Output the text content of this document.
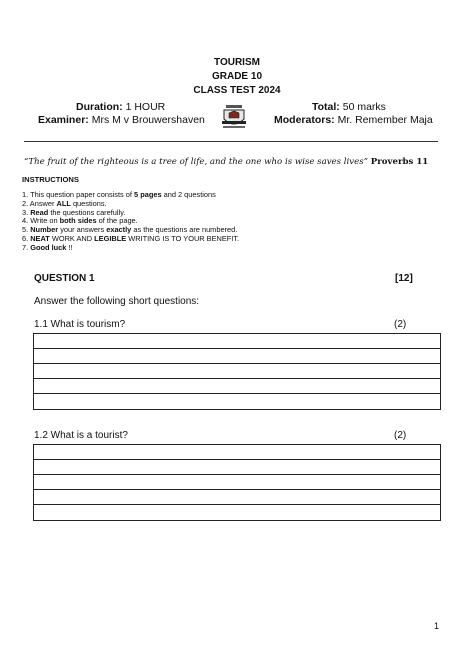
TOURISM
GRADE 10
CLASS TEST 2024
Duration: 1 HOUR	Total: 50 marks
Examiner: Mrs M v Brouwershaven	Moderators: Mr. Remember Maja
“The fruit of the righteous is a tree of life, and the one who is wise saves lives” Proverbs 11
INSTRUCTIONS
1. This question paper consists of 5 pages and 2 questions
2. Answer ALL questions.
3. Read the questions carefully.
4. Write on both sides of the page.
5. Number your answers exactly as the questions are numbered.
6. NEAT WORK AND LEGIBLE WRITING IS TO YOUR BENEFIT.
7. Good luck !!
QUESTION 1	[12]
Answer the following short questions:
1.1 What is tourism?	(2)
1.2 What is a tourist?	(2)
1
